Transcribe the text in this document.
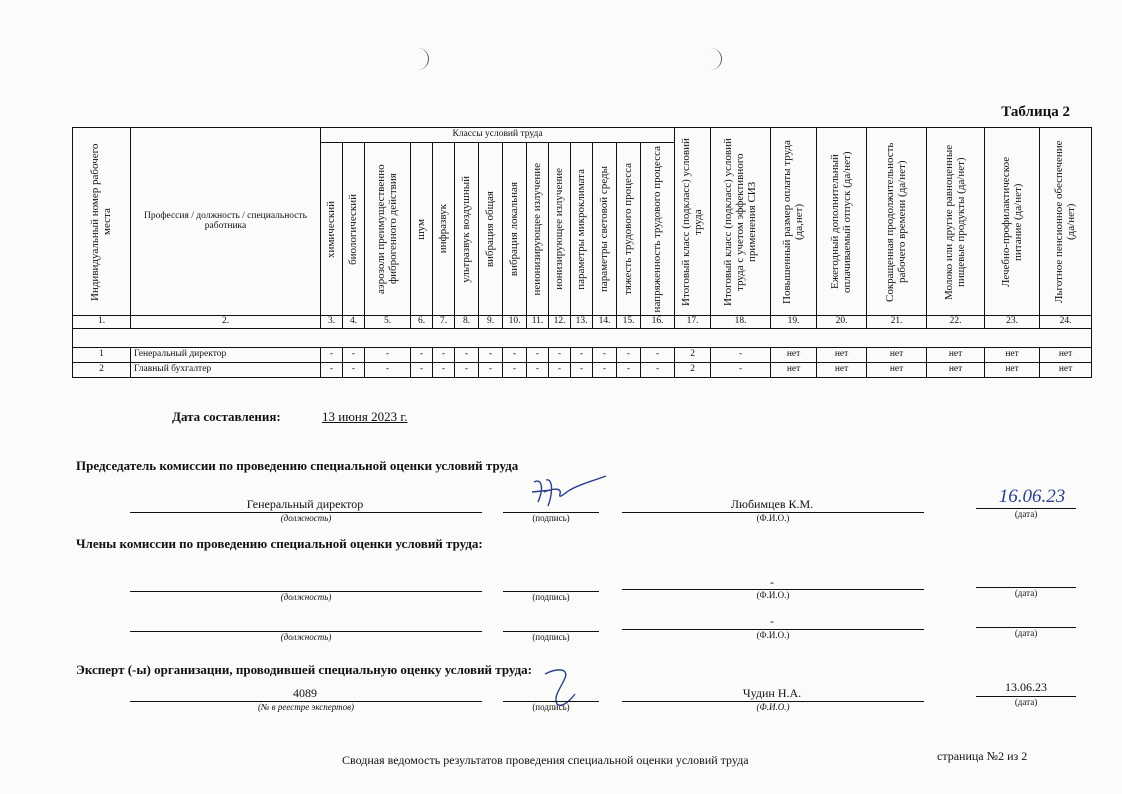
Таблица 2
Индивидуальный номер рабочего места	Профессия / должность / специальность работника	Классы условий труда														Итоговый класс (подкласс) условий труда	Итоговый класс (подкласс) условий труда с учетом эффективного применения СИЗ	Повышенный размер оплаты труда (да,нет)	Ежегодный дополнительный оплачиваемый отпуск (да/нет)	Сокращенная продолжительность рабочего времени (да/нет)	Молоко или другие равноценные пищевые продукты (да/нет)	Лечебно-профилактическое питание (да/нет)	Льготное пенсионное обеспечение (да/нет)

		химический	биологический	аэрозоли преимущественно фиброгенного действия	шум	инфразвук	ультразвук воздушный	вибрация общая	вибрация локальная	неионизирующее излучение	ионизирующее излучение	параметры микроклимата	параметры световой среды	тяжесть трудового процесса	напряженность трудового процесса								

1.	2.	3.	4.	5.	6.	7.	8.	9.	10.	11.	12.	13.	14.	15.	16.	17.	18.	19.	20.	21.	22.	23.	24.

1	Генеральный директор	-	-	-	-	-	-	-	-	-	-	-	-	-	-	2	-	нет	нет	нет	нет	нет	нет
2	Главный бухгалтер	-	-	-	-	-	-	-	-	-	-	-	-	-	-	2	-	нет	нет	нет	нет	нет	нет
Дата составления:	13 июня 2023 г.
Председатель комиссии по проведению специальной оценки условий труда
Генеральный директор
(должность)	(подпись)
Любимцев К.М.
(Ф.И.О.)
16.06.23
(дата)
Члены комиссии по проведению специальной оценки условий труда:
(должность)	(подпись)
-
(Ф.И.О.)	(дата)
(должность)	(подпись)
-
(Ф.И.О.)	(дата)
Эксперт (-ы) организации, проводившей специальную оценку условий труда:
4089
(№ в реестре экспертов)	(подпись)
Чудин Н.А.
(Ф.И.О.)
13.06.23
(дата)
Сводная ведомость результатов проведения специальной оценки условий труда	страница №2 из 2
